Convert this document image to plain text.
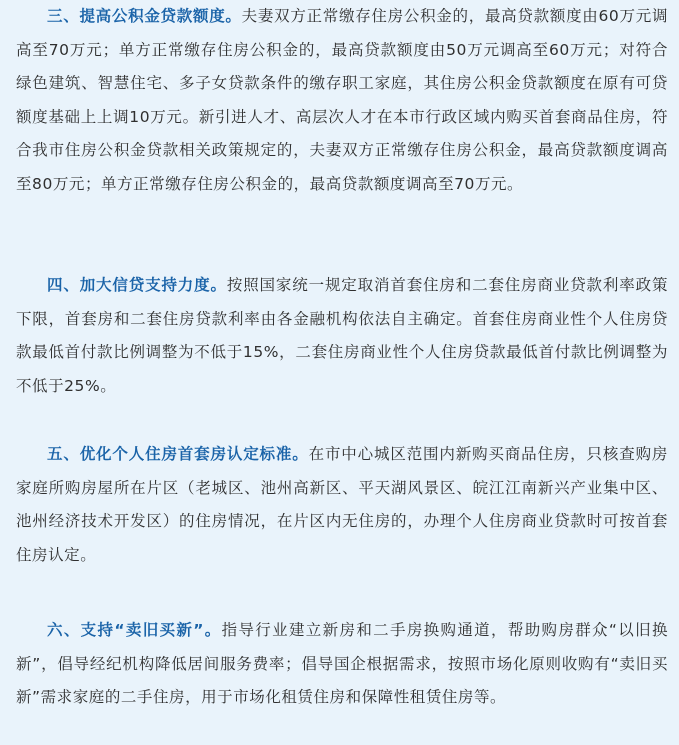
三、提高公积金贷款额度。夫妻双方正常缴存住房公积金的，最高贷款额度由60万元调高至70万元；单方正常缴存住房公积金的，最高贷款额度由50万元调高至60万元；对符合绿色建筑、智慧住宅、多子女贷款条件的缴存职工家庭，其住房公积金贷款额度在原有可贷额度基础上上调10万元。新引进人才、高层次人才在本市行政区域内购买首套商品住房，符合我市住房公积金贷款相关政策规定的，夫妻双方正常缴存住房公积金，最高贷款额度调高至80万元；单方正常缴存住房公积金的，最高贷款额度调高至70万元。

四、加大信贷支持力度。按照国家统一规定取消首套住房和二套住房商业贷款利率政策下限，首套房和二套住房贷款利率由各金融机构依法自主确定。首套住房商业性个人住房贷款最低首付款比例调整为不低于15%，二套住房商业性个人住房贷款最低首付款比例调整为不低于25%。

五、优化个人住房首套房认定标准。在市中心城区范围内新购买商品住房，只核查购房家庭所购房屋所在片区（老城区、池州高新区、平天湖风景区、皖江江南新兴产业集中区、池州经济技术开发区）的住房情况，在片区内无住房的，办理个人住房商业贷款时可按首套住房认定。

六、支持“卖旧买新”。指导行业建立新房和二手房换购通道，帮助购房群众“以旧换新”，倡导经纪机构降低居间服务费率；倡导国企根据需求，按照市场化原则收购有“卖旧买新”需求家庭的二手住房，用于市场化租赁住房和保障性租赁住房等。
